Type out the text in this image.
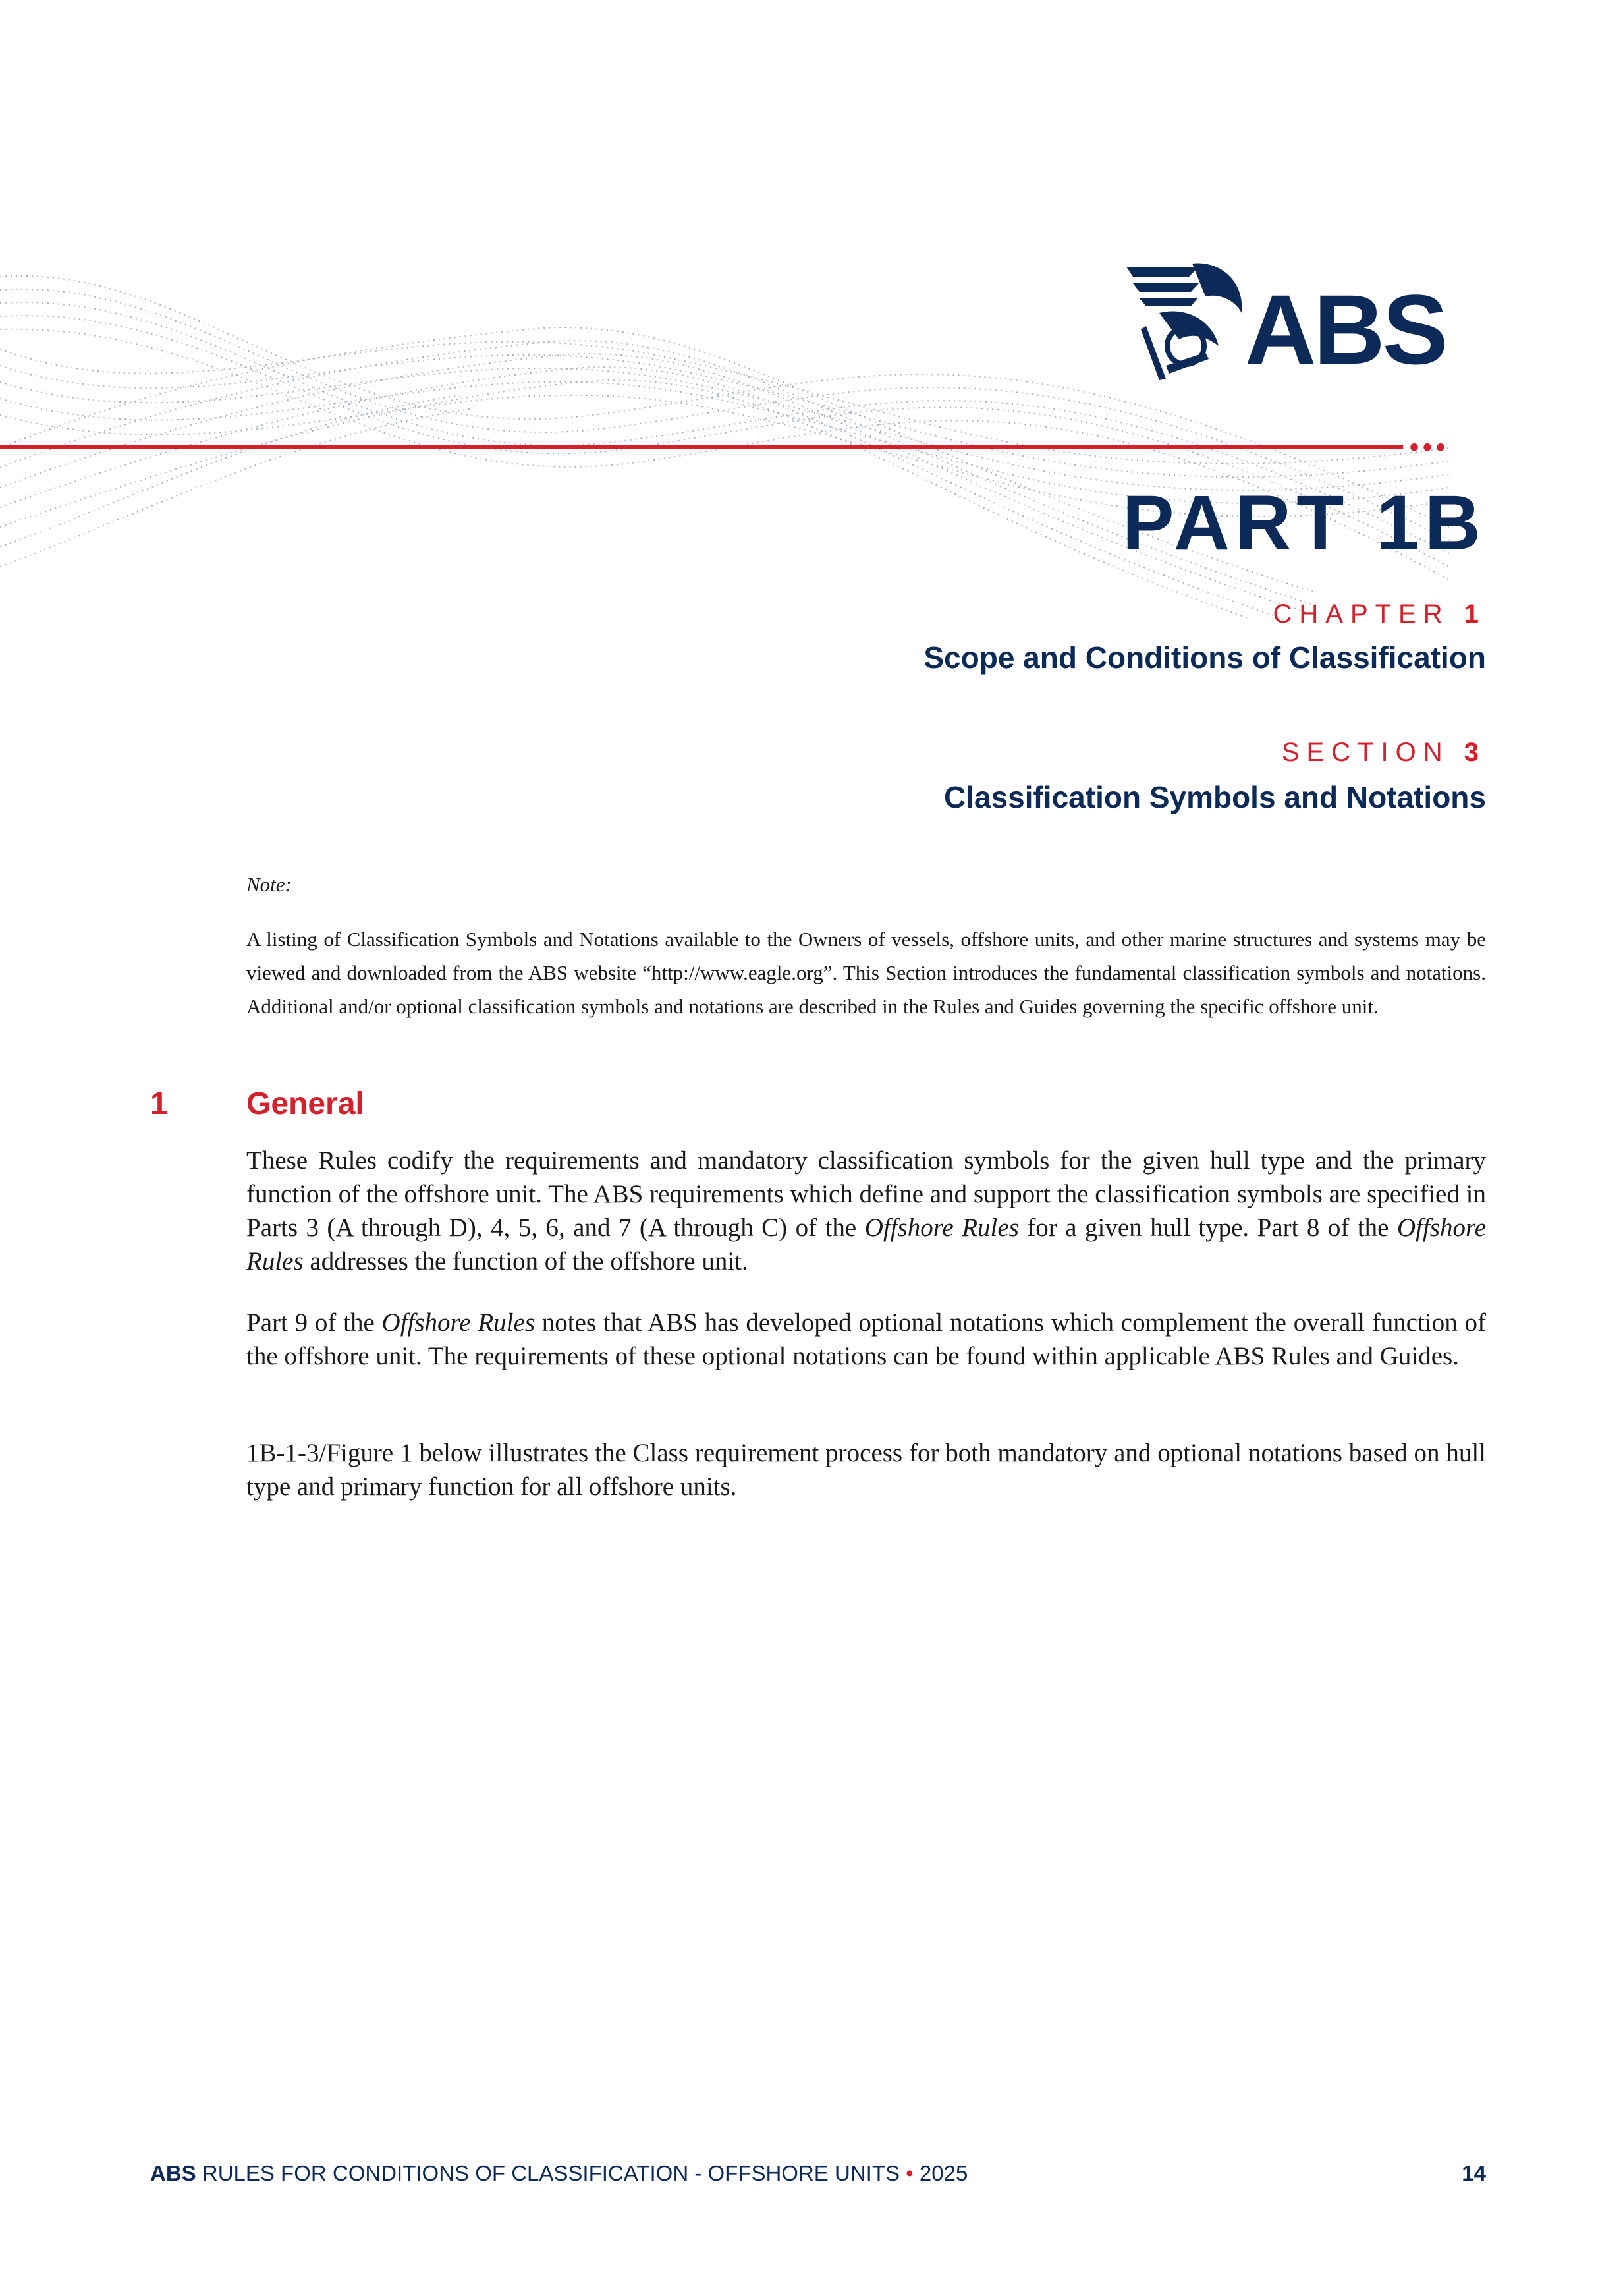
ABS
•••
PART 1B
CHAPTER 1
Scope and Conditions of Classification
SECTION 3
Classification Symbols and Notations
Note:
A listing of Classification Symbols and Notations available to the Owners of vessels, offshore units, and other marine structures and systems may be viewed and downloaded from the ABS website “http://www.eagle.org”. This Section introduces the fundamental classification symbols and notations. Additional and/or optional classification symbols and notations are described in the Rules and Guides governing the specific offshore unit.
1 General

These Rules codify the requirements and mandatory classification symbols for the given hull type and the primary function of the offshore unit. The ABS requirements which define and support the classification symbols are specified in Parts 3 (A through D), 4, 5, 6, and 7 (A through C) of the Offshore Rules for a given hull type. Part 8 of the Offshore Rules addresses the function of the offshore unit.

Part 9 of the Offshore Rules notes that ABS has developed optional notations which complement the overall function of the offshore unit. The requirements of these optional notations can be found within applicable ABS Rules and Guides.

1B-1-3/Figure 1 below illustrates the Class requirement process for both mandatory and optional notations based on hull type and primary function for all offshore units.

ABS RULES FOR CONDITIONS OF CLASSIFICATION - OFFSHORE UNITS • 2025	14
